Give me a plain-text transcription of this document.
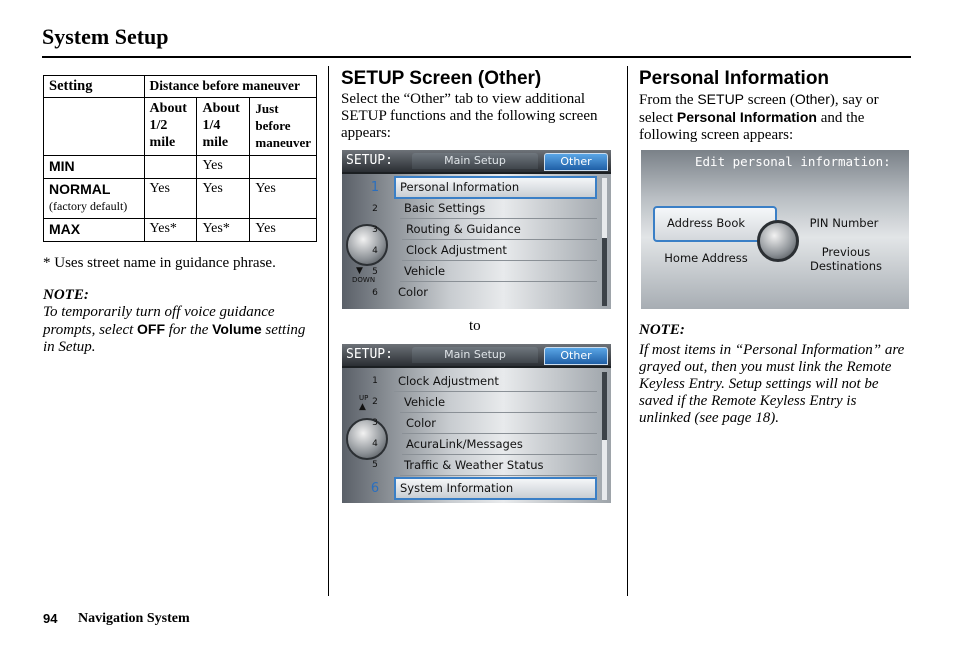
System Setup
Setting	Distance before maneuver		
	About 1/2 mile	About 1/4 mile	Just before maneuver
MIN		Yes	
NORMAL
(factory default)	Yes	Yes	Yes
MAX	Yes*	Yes*	Yes
* Uses street name in guidance phrase.
NOTE:
To temporarily turn off voice guidance prompts, select OFF for the Volume setting in Setup.
SETUP Screen (Other)
Select the “Other” tab to view additional SETUP functions and the following screen appears:
SETUP:	Main Setup	Other
▼
DOWN
1	Personal Information
2	Basic Settings
3	Routing & Guidance
4	Clock Adjustment
5	Vehicle
6	Color
to
SETUP:	Main Setup	Other
UP
▲
1	Clock Adjustment
2	Vehicle
3	Color
4	AcuraLink/Messages
5	Traffic & Weather Status
6	System Information
Personal Information
From the SETUP screen (Other), say or select Personal Information and the following screen appears:
Edit personal information:
Address Book
Home Address
PIN Number
Previous Destinations
NOTE:
If most items in “Personal Information” are grayed out, then you must link the Remote Keyless Entry. Setup settings will not be saved if the Remote Keyless Entry is unlinked (see page 18).
94 Navigation System
